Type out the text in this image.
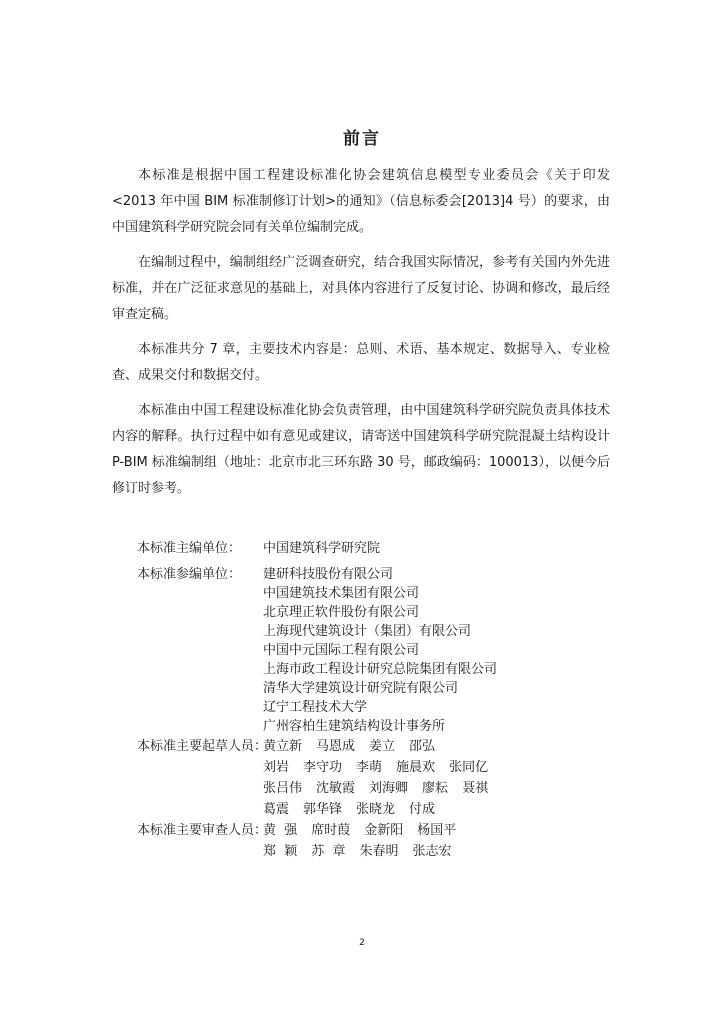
前言

本标准是根据中国工程建设标准化协会建筑信息模型专业委员会《关于印发<2013 年中国 BIM 标准制修订计划>的通知》（信息标委会[2013]4 号）的要求，由中国建筑科学研究院会同有关单位编制完成。

在编制过程中，编制组经广泛调查研究，结合我国实际情况，参考有关国内外先进标准，并在广泛征求意见的基础上，对具体内容进行了反复讨论、协调和修改，最后经审查定稿。

本标准共分 7 章，主要技术内容是：总则、术语、基本规定、数据导入、专业检查、成果交付和数据交付。

本标准由中国工程建设标准化协会负责管理，由中国建筑科学研究院负责具体技术内容的解释。执行过程中如有意见或建议，请寄送中国建筑科学研究院混凝土结构设计 P-BIM 标准编制组（地址：北京市北三环东路 30 号，邮政编码：100013），以便今后修订时参考。

本标准主编单位：	中国建筑科学研究院
本标准参编单位：	建研科技股份有限公司
中国建筑技术集团有限公司
北京理正软件股份有限公司
上海现代建筑设计（集团）有限公司
中国中元国际工程有限公司
上海市政工程设计研究总院集团有限公司
清华大学建筑设计研究院有限公司
辽宁工程技术大学
广州容柏生建筑结构设计事务所
本标准主要起草人员：
黄立新 马恩成 姜立 邵弘
刘岩 李守功 李萌 施晨欢 张同亿
张吕伟 沈敏霞 刘海卿 廖耘 聂祺
葛震 郭华锋 张晓龙 付成
本标准主要审查人员：
黄  强 席时葭 金新阳 杨国平
郑  颖 苏  章 朱春明 张志宏
2
